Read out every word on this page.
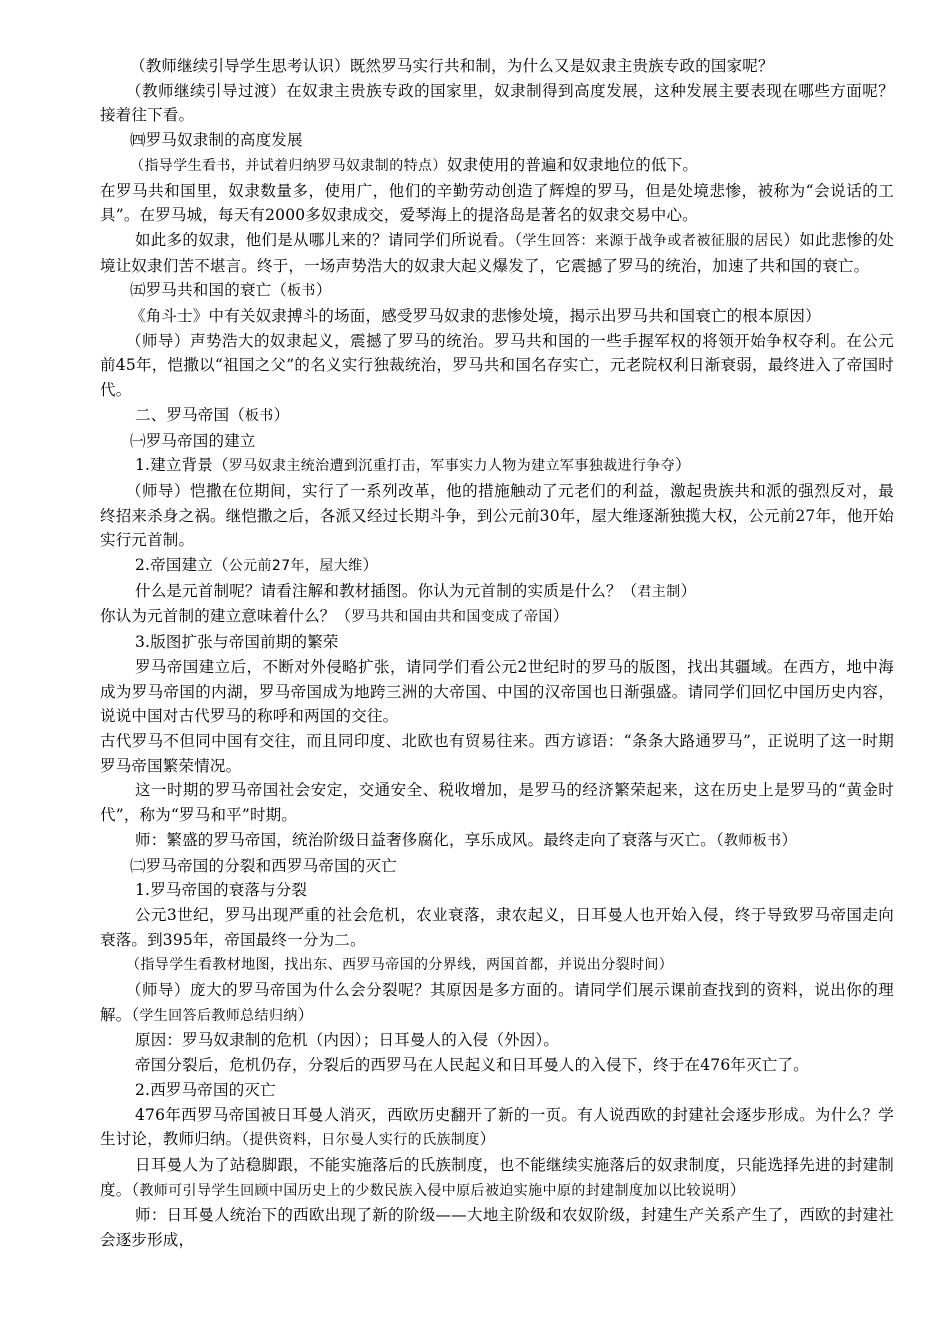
（教师继续引导学生思考认识）既然罗马实行共和制，为什么又是奴隶主贵族专政的国家呢？

（教师继续引导过渡）在奴隶主贵族专政的国家里，奴隶制得到高度发展，这种发展主要表现在哪些方面呢？接着往下看。

㈣罗马奴隶制的高度发展

（指导学生看书，并试着归纳罗马奴隶制的特点）奴隶使用的普遍和奴隶地位的低下。

在罗马共和国里，奴隶数量多，使用广，他们的辛勤劳动创造了辉煌的罗马，但是处境悲惨，被称为“会说话的工具”。在罗马城，每天有2000多奴隶成交，爱琴海上的提洛岛是著名的奴隶交易中心。

如此多的奴隶，他们是从哪儿来的？请同学们所说看。（学生回答：来源于战争或者被征服的居民）如此悲惨的处境让奴隶们苦不堪言。终于，一场声势浩大的奴隶大起义爆发了，它震撼了罗马的统治，加速了共和国的衰亡。

㈤罗马共和国的衰亡（板书）

《角斗士》中有关奴隶搏斗的场面，感受罗马奴隶的悲惨处境，揭示出罗马共和国衰亡的根本原因）

（师导）声势浩大的奴隶起义，震撼了罗马的统治。罗马共和国的一些手握军权的将领开始争权夺利。在公元前45年，恺撒以“祖国之父”的名义实行独裁统治，罗马共和国名存实亡，元老院权利日渐衰弱，最终进入了帝国时代。

二、罗马帝国（板书）

㈠罗马帝国的建立

1.建立背景（罗马奴隶主统治遭到沉重打击，军事实力人物为建立军事独裁进行争夺）

（师导）恺撒在位期间，实行了一系列改革，他的措施触动了元老们的利益，激起贵族共和派的强烈反对，最终招来杀身之祸。继恺撒之后，各派又经过长期斗争，到公元前30年，屋大维逐渐独揽大权，公元前27年，他开始实行元首制。

2.帝国建立（公元前27年，屋大维）

什么是元首制呢？请看注解和教材插图。你认为元首制的实质是什么？（君主制）

你认为元首制的建立意味着什么？（罗马共和国由共和国变成了帝国）

3.版图扩张与帝国前期的繁荣

罗马帝国建立后，不断对外侵略扩张，请同学们看公元2世纪时的罗马的版图，找出其疆域。在西方，地中海成为罗马帝国的内湖，罗马帝国成为地跨三洲的大帝国、中国的汉帝国也日渐强盛。请同学们回忆中国历史内容，说说中国对古代罗马的称呼和两国的交往。

古代罗马不但同中国有交往，而且同印度、北欧也有贸易往来。西方谚语：“条条大路通罗马”，正说明了这一时期罗马帝国繁荣情况。

这一时期的罗马帝国社会安定，交通安全、税收增加，是罗马的经济繁荣起来，这在历史上是罗马的“黄金时代”，称为“罗马和平”时期。

师：繁盛的罗马帝国，统治阶级日益奢侈腐化，享乐成风。最终走向了衰落与灭亡。（教师板书）

㈡罗马帝国的分裂和西罗马帝国的灭亡

1.罗马帝国的衰落与分裂

公元3世纪，罗马出现严重的社会危机，农业衰落，隶农起义，日耳曼人也开始入侵，终于导致罗马帝国走向衰落。到395年，帝国最终一分为二。

（指导学生看教材地图，找出东、西罗马帝国的分界线，两国首都，并说出分裂时间）

（师导）庞大的罗马帝国为什么会分裂呢？其原因是多方面的。请同学们展示课前查找到的资料，说出你的理解。（学生回答后教师总结归纳）

原因：罗马奴隶制的危机（内因）；日耳曼人的入侵（外因）。

帝国分裂后，危机仍存，分裂后的西罗马在人民起义和日耳曼人的入侵下，终于在476年灭亡了。

2.西罗马帝国的灭亡

476年西罗马帝国被日耳曼人消灭，西欧历史翻开了新的一页。有人说西欧的封建社会逐步形成。为什么？学生讨论，教师归纳。（提供资料，日尔曼人实行的氏族制度）

日耳曼人为了站稳脚跟，不能实施落后的氏族制度，也不能继续实施落后的奴隶制度，只能选择先进的封建制度。（教师可引导学生回顾中国历史上的少数民族入侵中原后被迫实施中原的封建制度加以比较说明）

师：日耳曼人统治下的西欧出现了新的阶级——大地主阶级和农奴阶级，封建生产关系产生了，西欧的封建社会逐步形成，
